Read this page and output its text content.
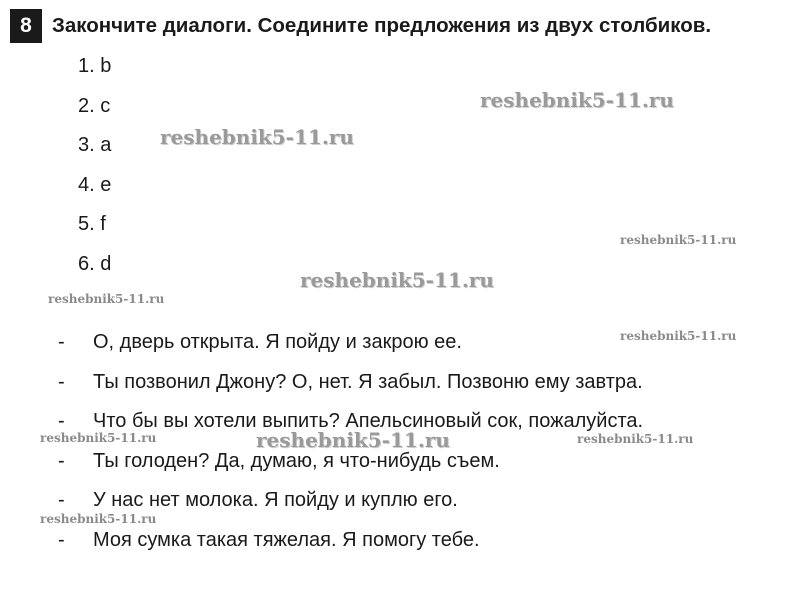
8 Закончите диалоги. Соедините предложения из двух столбиков.
1. b
2. c
3. a
4. e
5. f
6. d
- О, дверь открыта. Я пойду и закрою ее.
- Ты позвонил Джону? О, нет. Я забыл. Позвоню ему завтра.
- Что бы вы хотели выпить? Апельсиновый сок, пожалуйста.
- Ты голоден? Да, думаю, я что-нибудь съем.
- У нас нет молока. Я пойду и куплю его.
- Моя сумка такая тяжелая. Я помогу тебе.
reshebnik5-11.ru
reshebnik5-11.ru
reshebnik5-11.ru
reshebnik5-11.ru
reshebnik5-11.ru
reshebnik5-11.ru
reshebnik5-11.ru	reshebnik5-11.ru	reshebnik5-11.ru
reshebnik5-11.ru
